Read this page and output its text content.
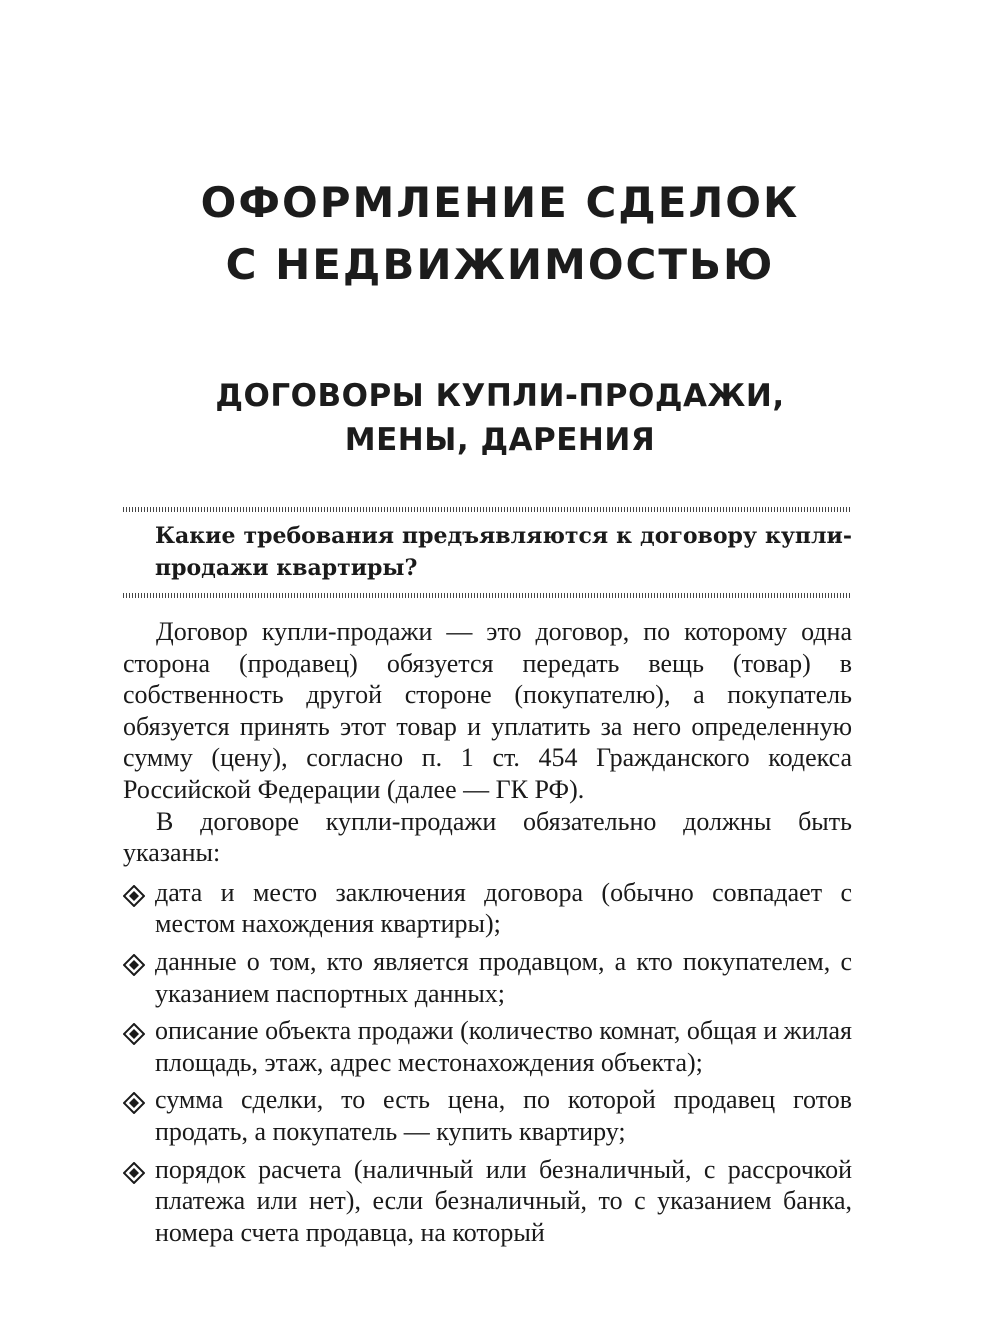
ОФОРМЛЕНИЕ СДЕЛОК
С НЕДВИЖИМОСТЬЮ
ДОГОВОРЫ КУПЛИ-ПРОДАЖИ,
МЕНЫ, ДАРЕНИЯ
Какие требования предъявляются к договору купли-продажи квартиры?

Договор купли-продажи — это договор, по которому одна сторона (продавец) обязуется передать вещь (товар) в собственность другой стороне (покупателю), а покупатель обязуется принять этот товар и уплатить за него определенную сумму (цену), согласно п. 1 ст. 454 Гражданского кодекса Российской Федерации (далее — ГК РФ).

В договоре купли-продажи обязательно должны быть указаны:

дата и место заключения договора (обычно совпадает с местом нахождения квартиры);
данные о том, кто является продавцом, а кто покупателем, с указанием паспортных данных;
описание объекта продажи (количество комнат, общая и жилая площадь, этаж, адрес местонахождения объекта);
сумма сделки, то есть цена, по которой продавец готов продать, а покупатель — купить квартиру;
порядок расчета (наличный или безналичный, с рассрочкой платежа или нет), если безналичный, то с указанием банка, номера счета продавца, на который
